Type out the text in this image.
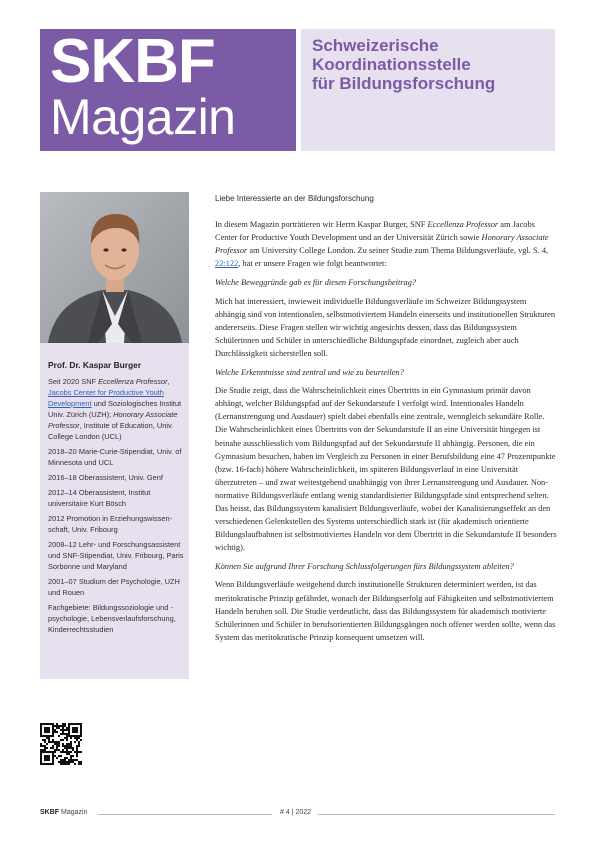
SKBF
Magazin
Schweizerische
Koordinationsstelle
für Bildungsforschung
Prof. Dr. Kaspar Burger
Seit 2020 SNF Eccellenza Professor, Jacobs Center for Productive Youth Development und Soziologisches Institut Univ. Zürich (UZH); Honorary Associate Professor, Institute of Education, Univ. College London (UCL)
2018–20 Marie-Curie-Stipendiat, Univ. of Minnesota und UCL
2016–18 Oberassistent, Univ. Genf
2012–14 Oberassistent, Institut universitaire Kurt Bösch
2012 Promotion in Erziehungswissenschaft, Univ. Fribourg
2008–12 Lehr- und Forschungsassistent und SNF-Stipendiat, Univ. Fribourg, Paris Sorbonne und Maryland
2001–07 Studium der Psychologie, UZH und Rouen
Fachgebiete: Bildungssoziologie und -psychologie, Lebensverlaufsforschung, Kinderrechtsstudien
Liebe Interessierte an der Bildungsforschung

In diesem Magazin porträtieren wir Herrn Kaspar Burger, SNF Eccellenza Professor am Jacobs Center for Productive Youth Development und an der Universität Zürich sowie Honorary Associate Professor am University College London. Zu seiner Studie zum Thema Bildungsverläufe, vgl. S. 4, 22:122, hat er unsere Fragen wie folgt beantwortet:

Welche Beweggründe gab es für diesen Forschungsbeitrag?

Mich hat interessiert, inwieweit individuelle Bildungsverläufe im Schweizer Bildungssystem abhängig sind von intentionalen, selbstmotiviertem Handeln einerseits und institutionellen Strukturen andererseits. Diese Fragen stellen wir wichtig angesichts dessen, dass das Bildungssystem Schülerinnen und Schüler in unterschiedliche Bildungspfade einordnet, zugleich aber auch Durchlässigkeit sicherstellen soll.

Welche Erkenntnisse sind zentral und wie zu beurteilen?

Die Studie zeigt, dass die Wahrscheinlichkeit eines Übertritts in ein Gymnasium primär davon abhängt, welcher Bildungspfad auf der Sekundarstufe I verfolgt wird. Intentionales Handeln (Lernanstrengung und Ausdauer) spielt dabei ebenfalls eine zentrale, wenngleich sekundäre Rolle. Die Wahrscheinlichkeit eines Übertritts von der Sekundarstufe II an eine Universität hingegen ist beinahe ausschliesslich vom Bildungspfad auf der Sekundarstufe II abhängig. Personen, die ein Gymnasium besuchen, haben im Vergleich zu Personen in einer Berufsbildung eine 47 Prozentpunkte (bzw. 16-fach) höhere Wahrscheinlichkeit, im späteren Bildungsverlauf in eine Universität überzutreten – und zwar weitestgehend unabhängig von ihrer Lernanstrengung und Ausdauer. Non-normative Bildungsverläufe entlang wenig standardisierter Bildungspfade sind entsprechend selten. Das heisst, das Bildungssystem kanalisiert Bildungsverläufe, wobei der Kanalisierungseffekt an den verschiedenen Gelenkstellen des Systems unterschiedlich stark ist (für akademisch orientierte Bildungslaufbahnen ist selbstmotiviertes Handeln vor dem Übertritt in die Sekundarstufe II besonders wichtig).

Können Sie aufgrund Ihrer Forschung Schlussfolgerungen fürs Bildungssystem ableiten?

Wenn Bildungsverläufe weitgehend durch institutionelle Strukturen determiniert werden, ist das meritokratische Prinzip gefährdet, wonach der Bildungserfolg auf Fähigkeiten und selbstmotiviertem Handeln beruhen soll. Die Studie verdeutlicht, dass das Bildungssystem für akademisch motivierte Schülerinnen und Schüler in berufsorientierten Bildungsgängen noch offener werden sollte, wenn das System das meritokratische Prinzip konsequent umsetzen will.

SKBF Magazin	# 4 | 2022
